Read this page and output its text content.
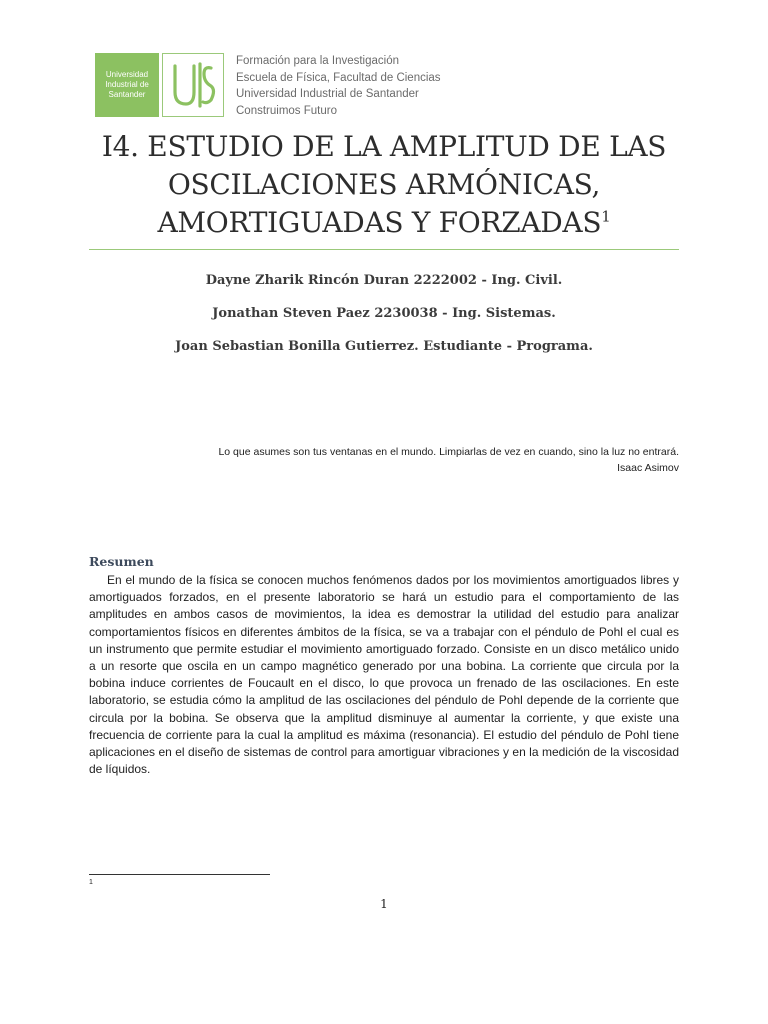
Universidad Industrial de Santander
Formación para la Investigación
Escuela de Física, Facultad de Ciencias
Universidad Industrial de Santander
Construimos Futuro
I4. ESTUDIO DE LA AMPLITUD DE LAS
OSCILACIONES ARMÓNICAS,
AMORTIGUADAS Y FORZADAS$^1$
Dayne Zharik Rincón Duran 2222002 - Ing. Civil.
Jonathan Steven Paez 2230038 - Ing. Sistemas.
Joan Sebastian Bonilla Gutierrez. Estudiante - Programa.
Lo que asumes son tus ventanas en el mundo. Limpiarlas de vez en cuando, sino la luz no entrará.
Isaac Asimov
Resumen
En el mundo de la física se conocen muchos fenómenos dados por los movimientos amortiguados libres y amortiguados forzados, en el presente laboratorio se hará un estudio para el comportamiento de las amplitudes en ambos casos de movimientos, la idea es demostrar la utilidad del estudio para analizar comportamientos físicos en diferentes ámbitos de la física, se va a trabajar con el péndulo de Pohl el cual es un instrumento que permite estudiar el movimiento amortiguado forzado. Consiste en un disco metálico unido a un resorte que oscila en un campo magnético generado por una bobina. La corriente que circula por la bobina induce corrientes de Foucault en el disco, lo que provoca un frenado de las oscilaciones. En este laboratorio, se estudia cómo la amplitud de las oscilaciones del péndulo de Pohl depende de la corriente que circula por la bobina. Se observa que la amplitud disminuye al aumentar la corriente, y que existe una frecuencia de corriente para la cual la amplitud es máxima (resonancia). El estudio del péndulo de Pohl tiene aplicaciones en el diseño de sistemas de control para amortiguar vibraciones y en la medición de la viscosidad de líquidos.
1
1
